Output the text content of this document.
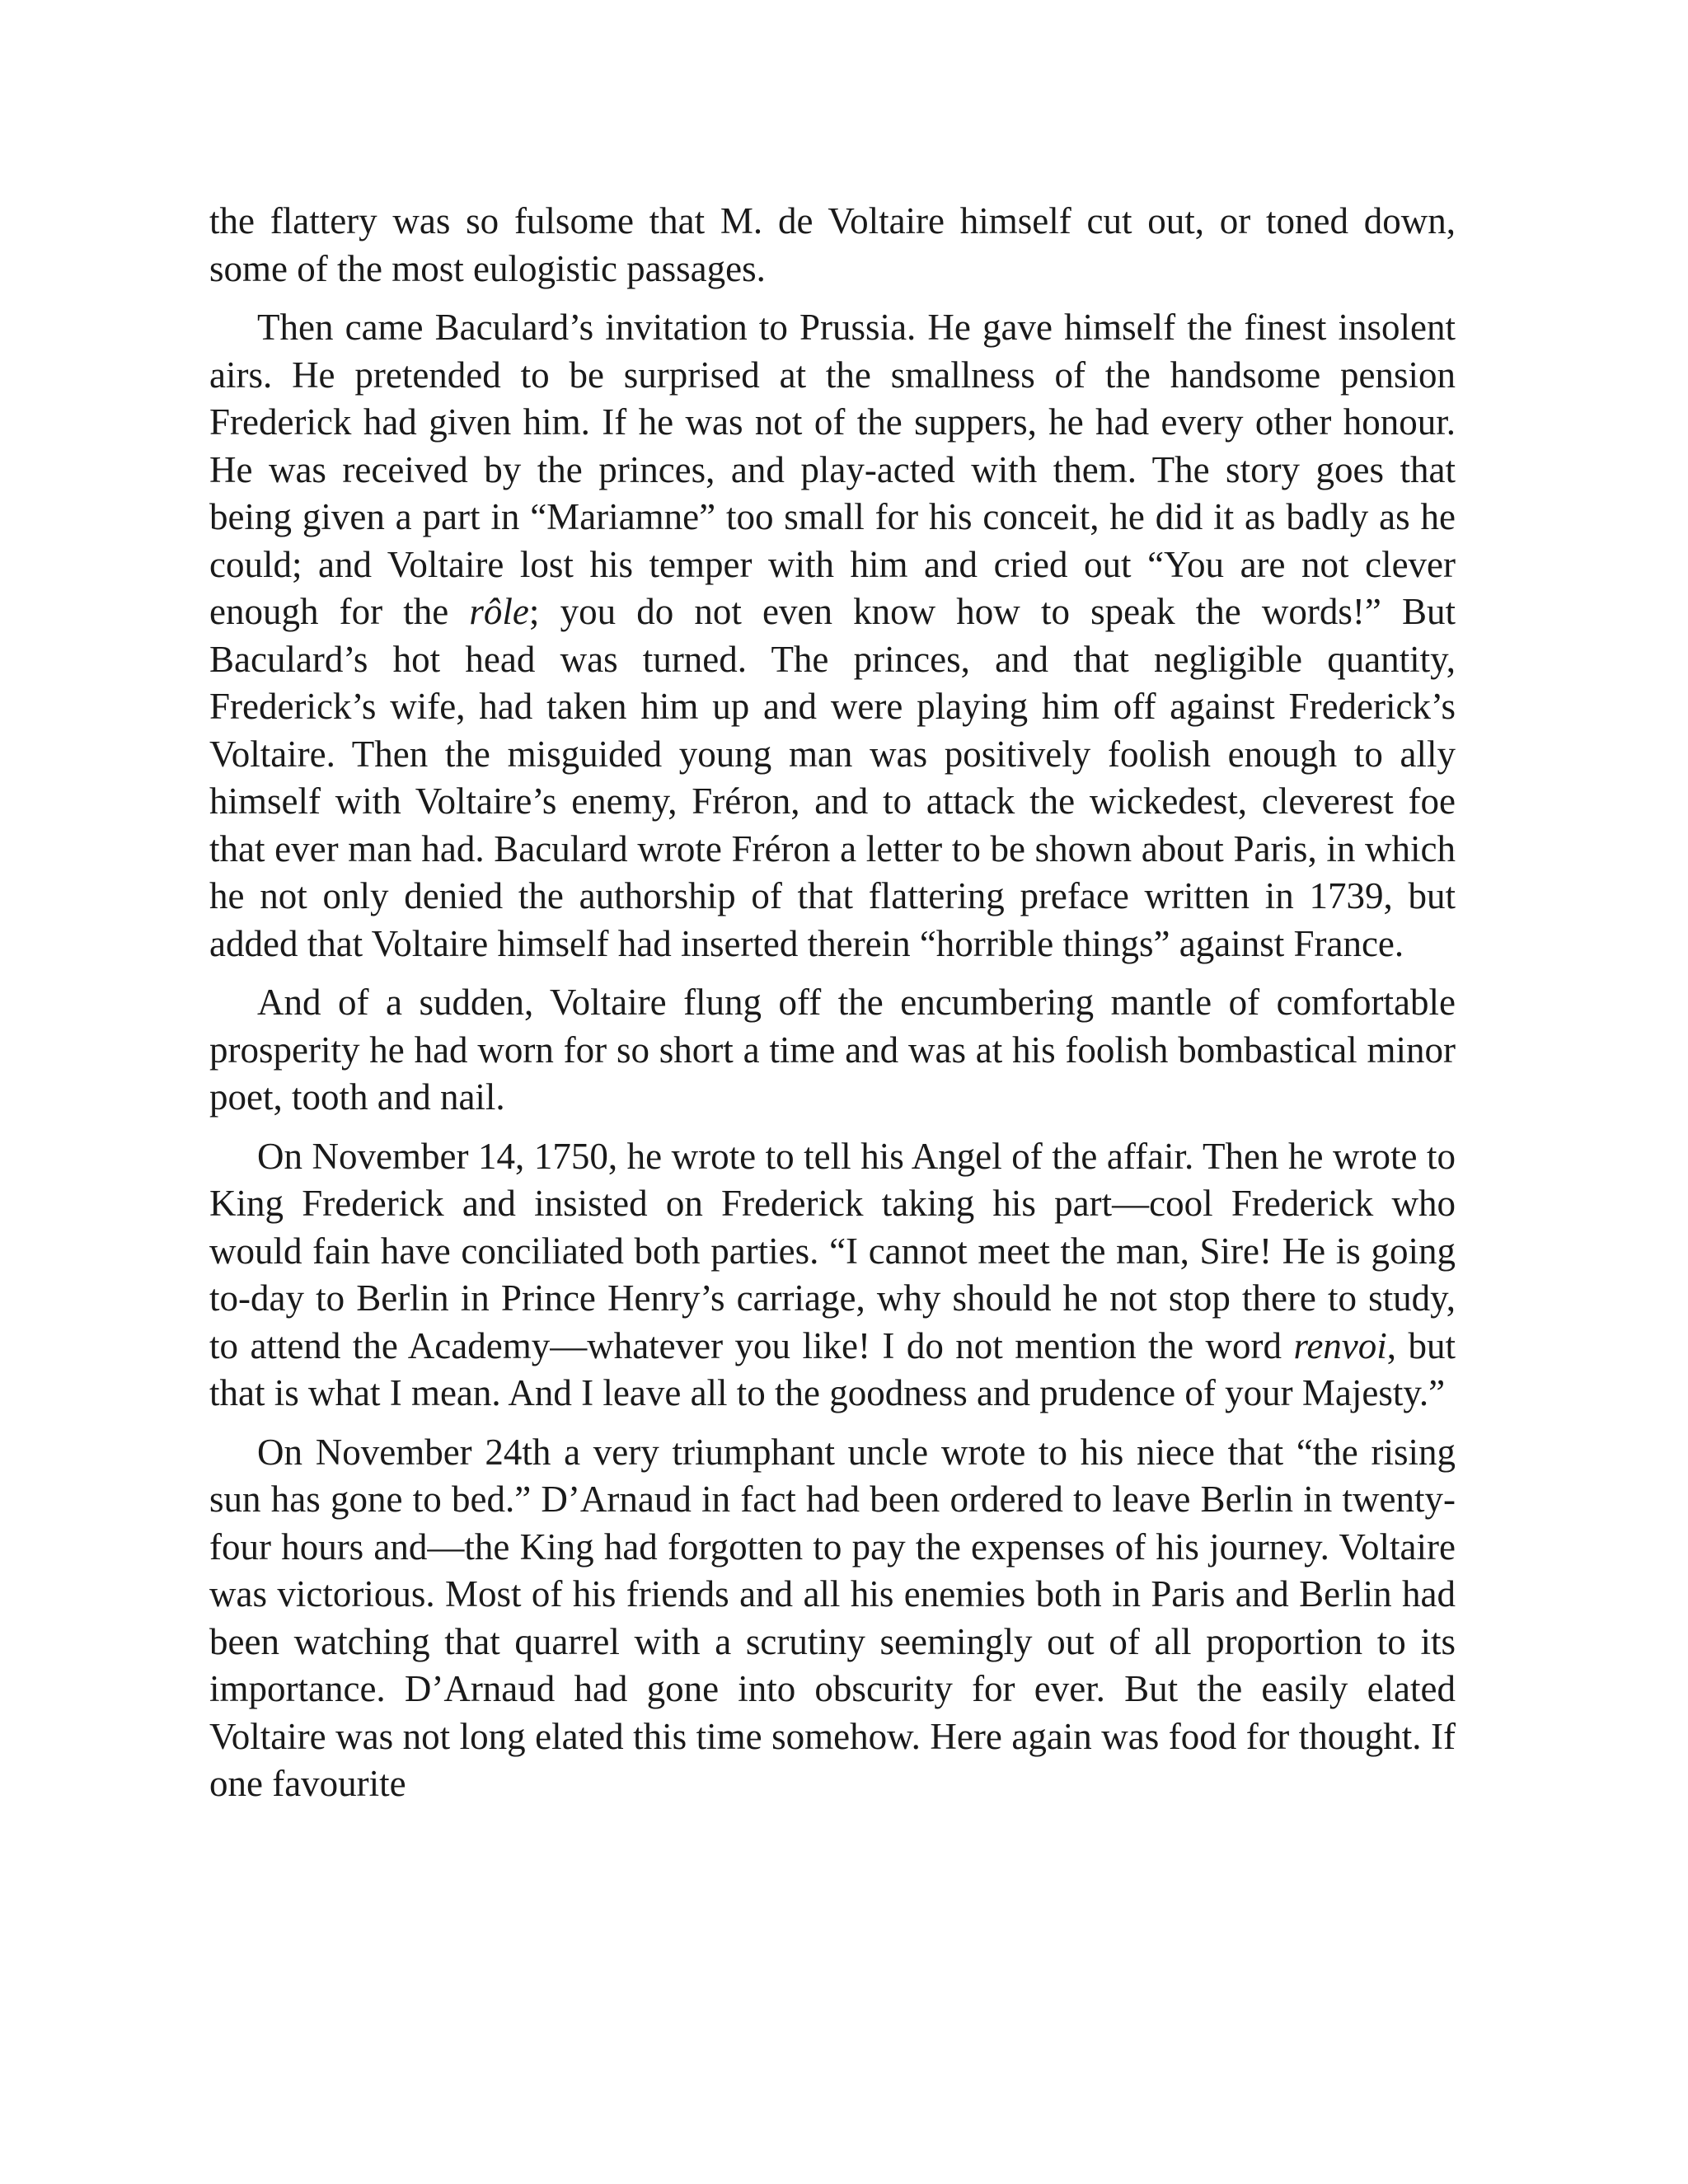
the flattery was so fulsome that M. de Voltaire himself cut out, or toned down, some of the most eulogistic passages.

Then came Baculard’s invitation to Prussia. He gave himself the finest insolent airs. He pretended to be surprised at the smallness of the handsome pension Frederick had given him. If he was not of the suppers, he had every other honour. He was received by the princes, and play-acted with them. The story goes that being given a part in “Mariamne” too small for his conceit, he did it as badly as he could; and Voltaire lost his temper with him and cried out “You are not clever enough for the rôle; you do not even know how to speak the words!” But Baculard’s hot head was turned. The princes, and that negligible quantity, Frederick’s wife, had taken him up and were playing him off against Frederick’s Voltaire. Then the misguided young man was positively foolish enough to ally himself with Voltaire’s enemy, Fréron, and to attack the wickedest, cleverest foe that ever man had. Baculard wrote Fréron a letter to be shown about Paris, in which he not only denied the authorship of that flattering preface written in 1739, but added that Voltaire himself had inserted therein “horrible things” against France.

And of a sudden, Voltaire flung off the encumbering mantle of comfortable prosperity he had worn for so short a time and was at his foolish bombastical minor poet, tooth and nail.

On November 14, 1750, he wrote to tell his Angel of the affair. Then he wrote to King Frederick and insisted on Frederick taking his part—cool Frederick who would fain have conciliated both parties. “I cannot meet the man, Sire! He is going to-day to Berlin in Prince Henry’s carriage, why should he not stop there to study, to attend the Academy—whatever you like! I do not mention the word renvoi, but that is what I mean. And I leave all to the goodness and prudence of your Majesty.”

On November 24th a very triumphant uncle wrote to his niece that “the rising sun has gone to bed.” D’Arnaud in fact had been ordered to leave Berlin in twenty-four hours and—the King had forgotten to pay the expenses of his journey. Voltaire was victorious. Most of his friends and all his enemies both in Paris and Berlin had been watching that quarrel with a scrutiny seemingly out of all proportion to its importance. D’Arnaud had gone into obscurity for ever. But the easily elated Voltaire was not long elated this time somehow. Here again was food for thought. If one favourite
